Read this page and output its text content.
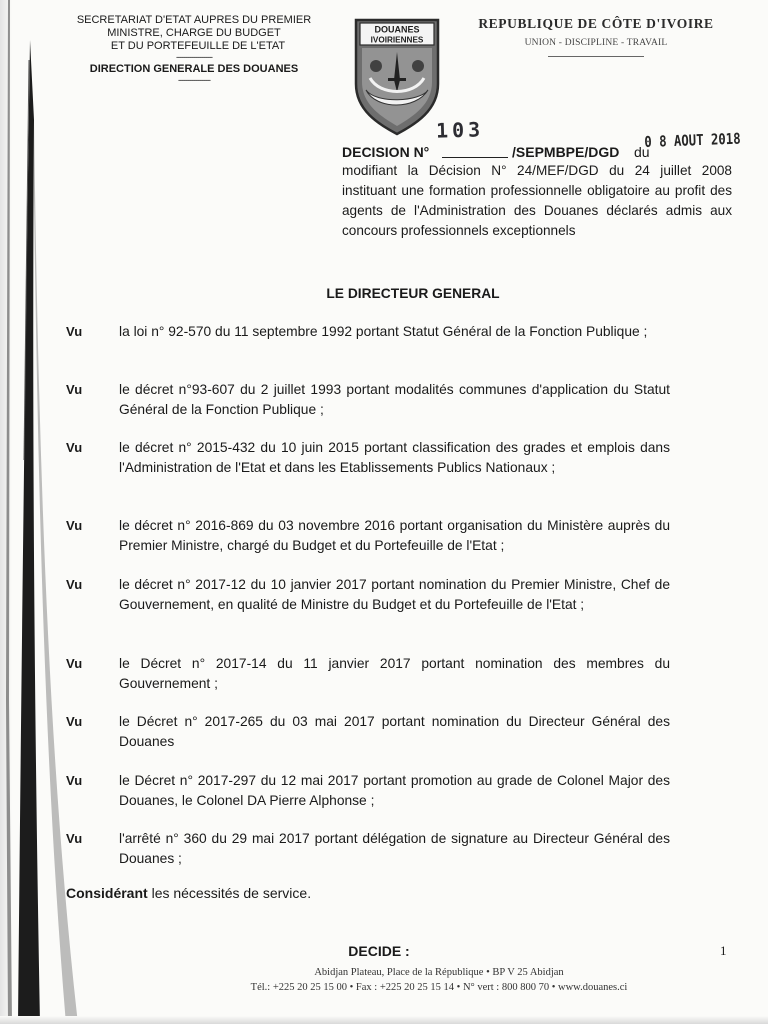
SECRETARIAT D'ETAT AUPRES DU PREMIER
MINISTRE, CHARGE DU BUDGET
ET DU PORTEFEUILLE DE L'ETAT
------------------
DIRECTION GENERALE DES DOUANES
----------------
DOUANES
IVOIRIENNES
REPUBLIQUE DE CÔTE D'IVOIRE
UNION - DISCIPLINE - TRAVAIL
103
DECISION N°	/SEPMBPE/DGD du
0 8 AOUT 2018
modifiant la Décision N° 24/MEF/DGD du 24 juillet 2008 instituant une formation professionnelle obligatoire au profit des agents de l'Administration des Douanes déclarés admis aux concours professionnels exceptionnels
LE DIRECTEUR GENERAL
Vu	la loi n° 92-570 du 11 septembre 1992 portant Statut Général de la Fonction Publique ;
Vu	le décret n°93-607 du 2 juillet 1993 portant modalités communes d'application du Statut Général de la Fonction Publique ;
Vu	le décret n° 2015-432 du 10 juin 2015 portant classification des grades et emplois dans l'Administration de l'Etat et dans les Etablissements Publics Nationaux ;
Vu	le décret n° 2016-869 du 03 novembre 2016 portant organisation du Ministère auprès du Premier Ministre, chargé du Budget et du Portefeuille de l'Etat ;
Vu	le décret n° 2017-12 du 10 janvier 2017 portant nomination du Premier Ministre, Chef de Gouvernement, en qualité de Ministre du Budget et du Portefeuille de l'Etat ;
Vu	le Décret n° 2017-14 du 11 janvier 2017 portant nomination des membres du Gouvernement ;
Vu	le Décret n° 2017-265 du 03 mai 2017 portant nomination du Directeur Général des Douanes
Vu	le Décret n° 2017-297 du 12 mai 2017 portant promotion au grade de Colonel Major des Douanes, le Colonel DA Pierre Alphonse ;
Vu	l'arrêté n° 360 du 29 mai 2017 portant délégation de signature au Directeur Général des Douanes ;
Considérant les nécessités de service.
DECIDE :	1
Abidjan Plateau, Place de la République • BP V 25 Abidjan
Tél.: +225 20 25 15 00 • Fax : +225 20 25 15 14 • N° vert : 800 800 70 • www.douanes.ci
